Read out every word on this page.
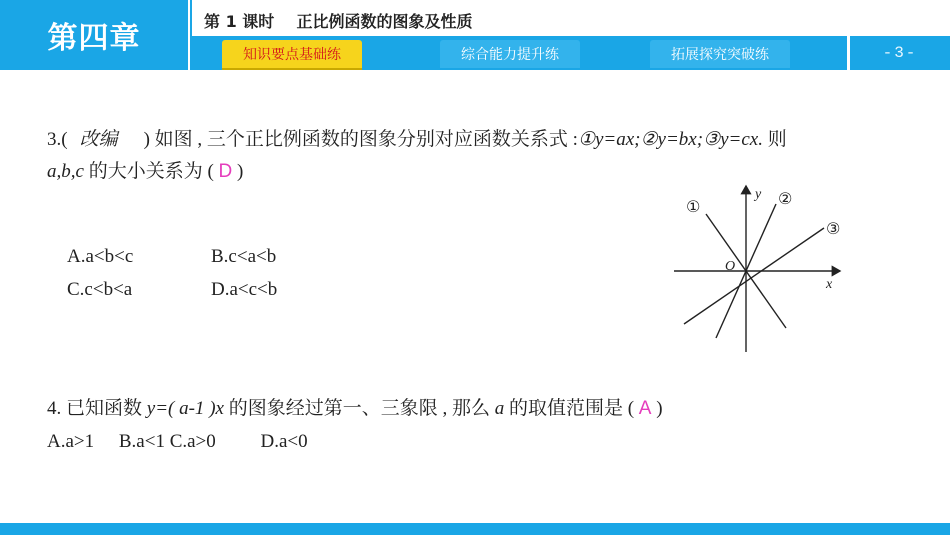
第四章	第 1 课时    正比例函数的图象及性质
知识要点基础练	综合能力提升练	拓展探究突破练	-3-
3.( 改编 ) 如图 , 三个正比例函数的图象分别对应函数关系式 :①y=ax;②y=bx;③y=cx. 则
a,b,c 的大小关系为 ( D )
A.a<b<c	B.c<a<b
C.c<b<a	D.a<c<b
①	②
③
O
x
y
4. 已知函数 y=( a-1 )x 的图象经过第一、三象限 , 那么 a 的取值范围是 ( A )
A.a>1 B.a<1 C.a>0 D.a<0
